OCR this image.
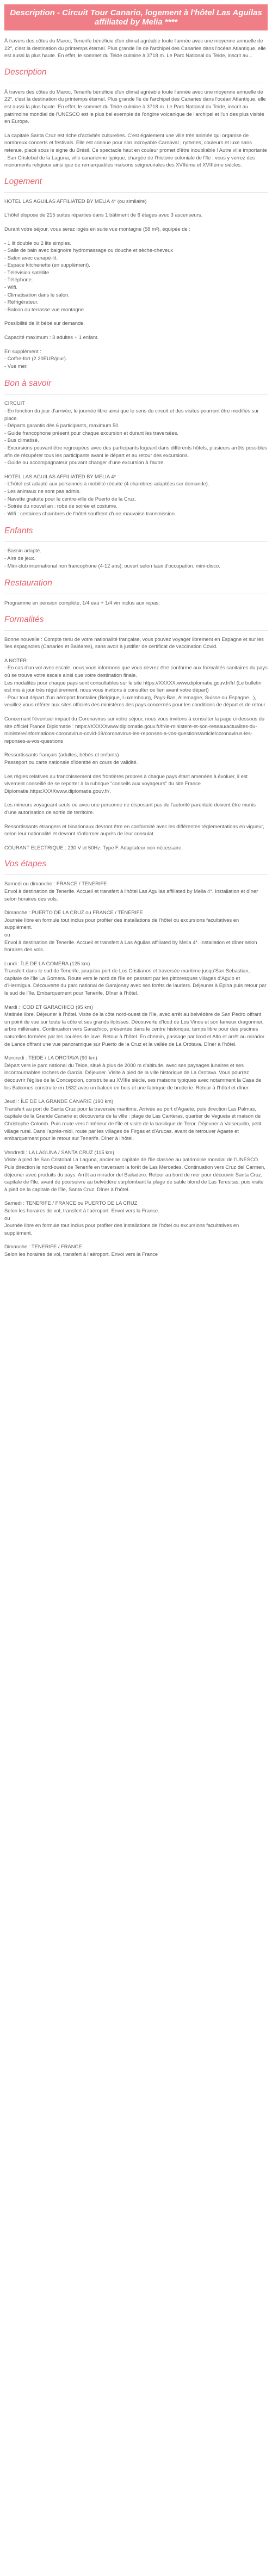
Description - Circuit Tour Canario, logement à l'hôtel Las Aguilas affiliated by Melia ****

À travers des côtes du Maroc, Tenerife bénéficie d'un climat agréable toute l'année avec une moyenne annuelle de 22°, c'est la destination du printemps éternel. Plus grande île de l'archipel des Canaries dans l'océan Atlantique, elle est aussi la plus haute. En effet, le sommet du Teide culmine à 3718 m. Le Parc National du Teide, inscrit au...

Description

À travers des côtes du Maroc, Tenerife bénéficie d'un climat agréable toute l'année avec une moyenne annuelle de 22°, c'est la destination du printemps éternel. Plus grande île de l'archipel des Canaries dans l'océan Atlantique, elle est aussi la plus haute. En effet, le sommet du Teide culmine à 3718 m. Le Parc National du Teide, inscrit au patrimoine mondial de l'UNESCO est le plus bel exemple de l'origine volcanique de l'archipel et l'un des plus visités en Europe.

La capitale Santa Cruz est riche d'activités culturelles. C'est également une ville très animée qui organise de nombreux concerts et festivals. Elle est connue pour son incroyable Carnaval ; rythmes, couleurs et luxe sans retenue, placé sous le signe du Brésil. Ce spectacle haut en couleur promet d'être inoubliable ! Autre ville importante : San Cristobal de la Laguna, ville canarienne typique, chargée de l'histoire coloniale de l'île ; vous y verrez des monuments religieux ainsi que de remarquables maisons seigneuriales des XVIIème et XVIIIème siècles.

Logement

HOTEL LAS AGUILAS AFFILIATED BY MELIA 4* (ou similaire)

L'hôtel dispose de 215 suites réparties dans 1 bâtiment de 6 étages avec 3 ascenseurs.

Durant votre séjour, vous serez logés en suite vue montagne (58 m²), équipée de :

- 1 lit double ou 2 lits simples.
- Salle de bain avec baignoire hydromassage ou douche et sèche-cheveux
- Salon avec canapé-lit.
- Espace kitchenette (en supplément).
- Télévision satellite.
- Téléphone.
- Wifi.
- Climatisation dans le salon.
- Réfrigérateur.
- Balcon ou terrasse vue montagne.

Possibilité de lit bébé sur demande.

Capacité maximum : 3 adultes + 1 enfant.

En supplément :
- Coffre-fort (2.20EUR/jour).
- Vue mer.
Bon à savoir
CIRCUIT
- En fonction du jour d'arrivée, le journée libre ainsi que le sens du circuit et des visites pourront être modifiés sur place.
- Départs garantis dès 6 participants, maximum 50.
- Guide francophone présent pour chaque excursion et durant les traversées.
- Bus climatisé.
- Excursions pouvant être regroupées avec des participants logeant dans différents hôtels, plusieurs arrêts possibles afin de récupérer tous les participants avant le départ et au retour des excursions.
- Guide ou accompagnateur pouvant changer d'une excursion à l'autre.
HOTEL LAS AGUILAS AFFILIATED BY MELIA 4*
- L'hôtel est adapté aux personnes à mobilité réduite (4 chambres adaptées sur demande).
- Les animaux ne sont pas admis.
- Navette gratuite pour le centre-ville de Puerto de la Cruz.
- Soirée du nouvel an : robe de soirée et costume.
- Wifi : certaines chambres de l'hôtel souffrent d'une mauvaise transmission.
Enfants
- Bassin adapté.
- Aire de jeux.
- Mini-club international non francophone (4-12 ans), ouvert selon taux d'occupation, mini-disco.
Restauration

Programme en pension complète, 1/4 eau + 1/4 vin inclus aux repas.

Formalités

Bonne nouvelle : Compte tenu de votre nationalité française, vous pouvez voyager librement en Espagne et sur les îles espagnoles (Canaries et Baléares), sans avoir à justifier de certificat de vaccination Covid.

A NOTER
- En cas d'un vol avec escale, nous vous informons que vous devrez être conforme aux formalités sanitaires du pays où se trouve votre escale ainsi que votre destination finale.
Les modalités pour chaque pays sont consultables sur le site https://XXXXX.www.diplomatie.gouv.fr/fr/ (Le bulletin est mis à jour très régulièrement, nous vous invitons à consulter ce lien avant votre départ)
- Pour tout départ d'un aéroport frontalier (Belgique, Luxembourg, Pays-Bas, Allemagne, Suisse ou Espagne...), veuillez vous référer aux sites officiels des ministères des pays concernés pour les conditions de départ et de retour.

Concernant l'éventuel impact du Coronavirus sur votre séjour, nous vous invitons à consulter la page ci-dessous du site officiel France Diplomatie : https://XXXXXwww.diplomatie.gouv.fr/fr/le-ministere-et-son-reseau/actualites-du-ministere/informations-coronavirus-covid-19/coronavirus-les-reponses-a-vos-questions/article/coronavirus-les-reponses-a-vos-questions

Ressortissants français (adultes, bébés et enfants) :
Passeport ou carte nationale d'identité en cours de validité.

Les règles relatives au franchissement des frontières propres à chaque pays étant amenées à évoluer, il est vivement conseillé de se reporter à la rubrique "conseils aux voyageurs" du site France Diplomatie,https:XXXXwww.diplomatie.gouv.fr/.

Les mineurs voyageant seuls ou avec une personne ne disposant pas de l'autorité parentale doivent être munis d'une autorisation de sortie de territoire.

Ressortissants étrangers et binationaux devront être en conformité avec les différentes réglementations en vigueur, selon leur nationalité et devront s'informer auprès de leur consulat.

COURANT ELECTRIQUE : 230 V et 50Hz. Type F. Adaptateur non nécessaire.

Vos étapes
Samedi ou dimanche : FRANCE / TENERIFE
Envol à destination de Tenerife. Accueil et transfert à l'hôtel Las Aguilas affiliated by Melia 4*. Installation et dîner selon horaires des vols.
Dimanche : PUERTO DE LA CRUZ ou FRANCE / TENERIFE
Journée libre en formule tout inclus pour profiter des installations de l'hôtel ou excursions facultatives en supplément.
ou
Envol à destination de Tenerife. Accueil et transfert à Las Aguilas affiliated by Melia 4*. Installation et dîner selon horaires des vols.
Lundi : ÎLE DE LA GOMERA (125 km)
Transfert dans le sud de Tenerife, jusqu'au port de Los Cristianos et traversée maritime jusqu'San Sebastian, capitale de l'île La Gomera. Route vers le nord de l'île en passant par les pittoresques villages d'Agulo et d'Hermigua. Découverte du parc national de Garajonay avec ses forêts de lauriers. Déjeuner à Epina puis retour par le sud de l'île. Embarquement pour Tenerife. Dîner à l'hôtel.
Mardi : ICOD ET GARACHICO (95 km)
Matinée libre. Déjeuner à l'hôtel. Visite de la côte nord-ouest de l'île, avec arrêt au belvédère de San Pedro offrant un point de vue sur toute la côte et ses grands ilotisses. Découverte d'Icod de Los Vinos et son fameux dragonnier, arbre millénaire. Continuation vers Garachico, présentée dans le centre historique, temps libre pour des piscines naturelles formées par les coulées de lave. Retour à l'hôtel. En chemin, passage par Icod el Alto et arrêt au mirador de Lance offrant une vue panoramique sur Puerto de la Cruz et la vallée de La Orotava. Dîner à l'hôtel.
Mercredi : TEIDE / LA OROTAVA (90 km)
Départ vers le parc national du Teide, situé à plus de 2000 m d'altitude, avec ses paysages lunaires et ses incontournables rochers de Garcia. Déjeuner. Visite à pied de la ville historique de La Orotava. Vous pourrez découvrir l'église de la Concepcion, construite au XVIIIe siècle, ses maisons typiques avec notamment la Casa de los Balcones construite en 1632 avec un balcon en bois et une fabrique de broderie. Retour à l'hôtel et dîner.
Jeudi : ÎLE DE LA GRANDE CANARIE (190 km)
Transfert au port de Santa Cruz pour la traversée maritime. Arrivée au port d'Agaete, puis direction Las Palmas, capitale de la Grande Canarie et découverte de la ville : plage de Las Canteras, quartier de Vegueta et maison de Christophe Colomb. Puis route vers l'intérieur de l'île et visite de la basilique de Teror. Déjeuner à Valsequillo, petit village rural. Dans l'après-midi, route par les villages de Firgas et d'Arucas, avant de retrouver Agaete et embarquement pour le retour sur Tenerife. Dîner à l'hôtel.
Vendredi : LA LAGUNA / SANTA CRUZ (115 km)
Visite à pied de San Cristobal La Laguna, ancienne capitale de l'île classée au patrimoine mondial de l'UNESCO. Puis direction le nord-ouest de Tenerife en traversant la forêt de Las Mercedes. Continuation vers Cruz del Carmen, déjeuner avec produits du pays. Arrêt au mirador del Bailadero. Retour au bord de mer pour découvrir Santa Cruz, capitale de l'île, avant de poursuivre au belvédère surplombant la plage de sable blond de Las Teresitas, puis visite à pied de la capitale de l'île, Santa Cruz. Dîner à l'hôtel.
Samedi : TENERIFE / FRANCE ou PUERTO DE LA CRUZ
Selon les horaires de vol, transfert à l'aéroport. Envol vers la France.
ou
Journée libre en formule tout inclus pour profiter des installations de l'hôtel ou excursions facultatives en supplément.
Dimanche : TENERIFE / FRANCE
Selon les horaires de vol, transfert à l'aéroport. Envol vers la France
